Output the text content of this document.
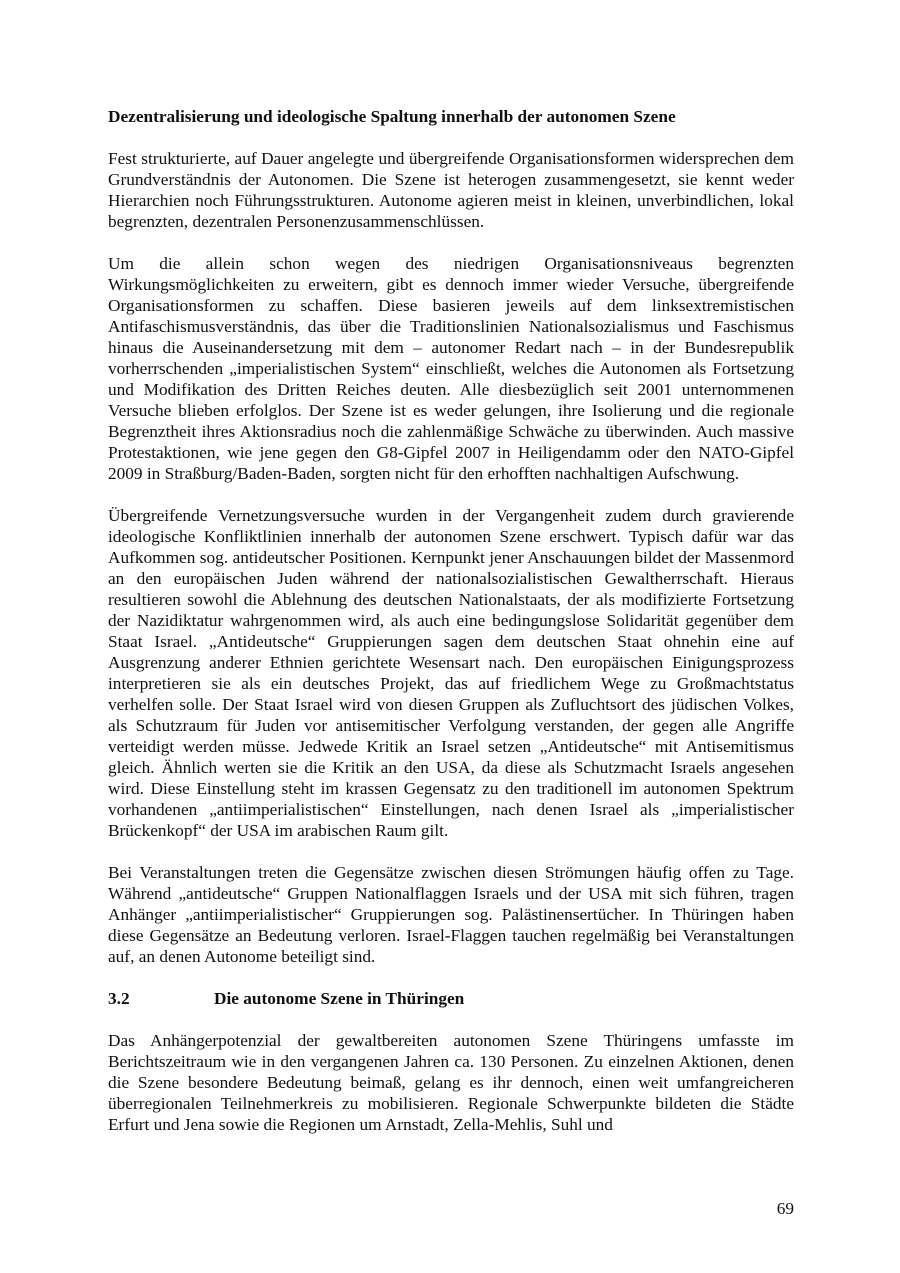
Dezentralisierung und ideologische Spaltung innerhalb der autonomen Szene

Fest strukturierte, auf Dauer angelegte und übergreifende Organisationsformen widersprechen dem Grundverständnis der Autonomen. Die Szene ist heterogen zusammengesetzt, sie kennt weder Hierarchien noch Führungsstrukturen. Autonome agieren meist in kleinen, unverbindlichen, lokal begrenzten, dezentralen Personenzusammenschlüssen.

Um die allein schon wegen des niedrigen Organisationsniveaus begrenzten Wirkungsmöglichkeiten zu erweitern, gibt es dennoch immer wieder Versuche, übergreifende Organisationsformen zu schaffen. Diese basieren jeweils auf dem linksextremistischen Antifaschismusverständnis, das über die Traditionslinien Nationalsozialismus und Faschismus hinaus die Auseinandersetzung mit dem – autonomer Redart nach – in der Bundesrepublik vorherrschenden „imperialistischen System“ einschließt, welches die Autonomen als Fortsetzung und Modifikation des Dritten Reiches deuten. Alle diesbezüglich seit 2001 unternommenen Versuche blieben erfolglos. Der Szene ist es weder gelungen, ihre Isolierung und die regionale Begrenztheit ihres Aktionsradius noch die zahlenmäßige Schwäche zu überwinden. Auch massive Protestaktionen, wie jene gegen den G8-Gipfel 2007 in Heiligendamm oder den NATO-Gipfel 2009 in Straßburg/Baden-Baden, sorgten nicht für den erhofften nachhaltigen Aufschwung.

Übergreifende Vernetzungsversuche wurden in der Vergangenheit zudem durch gravierende ideologische Konfliktlinien innerhalb der autonomen Szene erschwert. Typisch dafür war das Aufkommen sog. antideutscher Positionen. Kernpunkt jener Anschauungen bildet der Massenmord an den europäischen Juden während der nationalsozialistischen Gewaltherrschaft. Hieraus resultieren sowohl die Ablehnung des deutschen Nationalstaats, der als modifizierte Fortsetzung der Nazidiktatur wahrgenommen wird, als auch eine bedingungslose Solidarität gegenüber dem Staat Israel. „Antideutsche“ Gruppierungen sagen dem deutschen Staat ohnehin eine auf Ausgrenzung anderer Ethnien gerichtete Wesensart nach. Den europäischen Einigungsprozess interpretieren sie als ein deutsches Projekt, das auf friedlichem Wege zu Großmachtstatus verhelfen solle. Der Staat Israel wird von diesen Gruppen als Zufluchtsort des jüdischen Volkes, als Schutzraum für Juden vor antisemitischer Verfolgung verstanden, der gegen alle Angriffe verteidigt werden müsse. Jedwede Kritik an Israel setzen „Antideutsche“ mit Antisemitismus gleich. Ähnlich werten sie die Kritik an den USA, da diese als Schutzmacht Israels angesehen wird. Diese Einstellung steht im krassen Gegensatz zu den traditionell im autonomen Spektrum vorhandenen „antiimperialistischen“ Einstellungen, nach denen Israel als „imperialistischer Brückenkopf“ der USA im arabischen Raum gilt.

Bei Veranstaltungen treten die Gegensätze zwischen diesen Strömungen häufig offen zu Tage. Während „antideutsche“ Gruppen Nationalflaggen Israels und der USA mit sich führen, tragen Anhänger „antiimperialistischer“ Gruppierungen sog. Palästinensertücher. In Thüringen haben diese Gegensätze an Bedeutung verloren. Israel-Flaggen tauchen regelmäßig bei Veranstaltungen auf, an denen Autonome beteiligt sind.

3.2	Die autonome Szene in Thüringen

Das Anhängerpotenzial der gewaltbereiten autonomen Szene Thüringens umfasste im Berichtszeitraum wie in den vergangenen Jahren ca. 130 Personen. Zu einzelnen Aktionen, denen die Szene besondere Bedeutung beimaß, gelang es ihr dennoch, einen weit umfangreicheren überregionalen Teilnehmerkreis zu mobilisieren. Regionale Schwerpunkte bildeten die Städte Erfurt und Jena sowie die Regionen um Arnstadt, Zella-Mehlis, Suhl und

69
